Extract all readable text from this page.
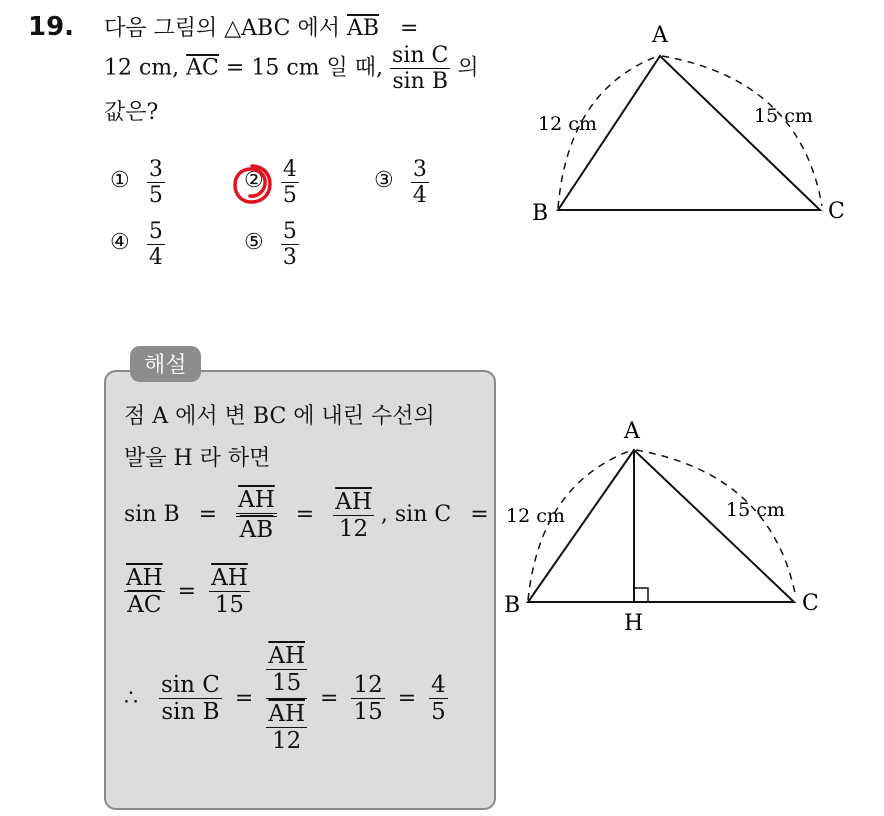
19. 다음 그림의 △ABC 에서 $\overline{AB}$ =
12 cm, $\overline{AC} = 15$ cm 일 때, $\frac{\text{sin C}}{\text{sin B}}$ 의
값은?
① $\frac{3}{5}$	② $\frac{4}{5}$	③ $\frac{3}{4}$
④ $\frac{5}{4}$	⑤ $\frac{5}{3}$
A
B	C
12 cm	15 cm
해설
점 A 에서 변 BC 에 내린 수선의
발을 H 라 하면
$\sin B = \frac{\overline{AH}}{AB} = \frac{\overline{AH}}{12}$ , sin C =
$\frac{\overline{AH}}{AC} = \frac{\overline{AH}}{15}$
∴ $\frac{\text{sin C}}{\text{sin B}} = \frac{\frac{\overline{AH}}{15}}{\frac{\overline{AH}}{12}} = \frac{12}{15} = \frac{4}{5}$
A
B	C
H
12 cm	15 cm
